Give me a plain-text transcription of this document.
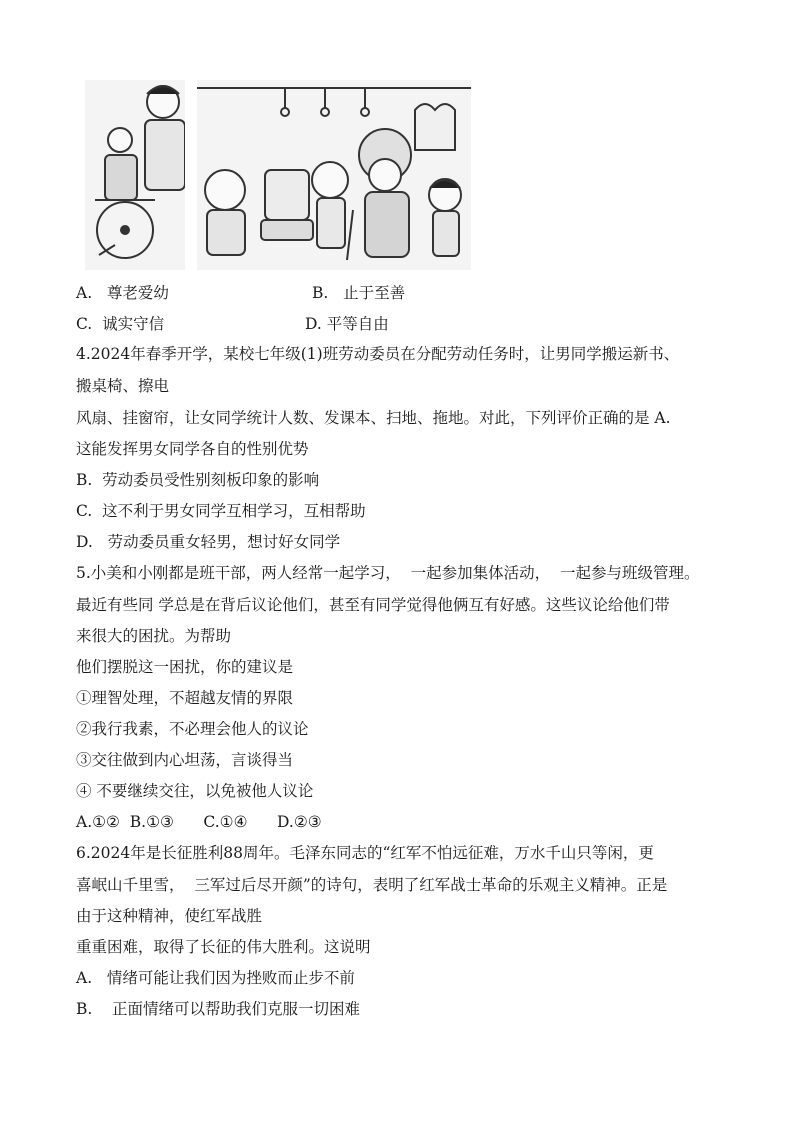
A.   尊老爱幼	B.   止于至善
C.  诚实守信	D. 平等自由
4.2024年春季开学，某校七年级(1)班劳动委员在分配劳动任务时，让男同学搬运新书、
搬桌椅、擦电
风扇、挂窗帘，让女同学统计人数、发课本、扫地、拖地。对此，下列评价正确的是 A.
这能发挥男女同学各自的性别优势
B.  劳动委员受性别刻板印象的影响
C.  这不利于男女同学互相学习，互相帮助
D.   劳动委员重女轻男，想讨好女同学
5.小美和小刚都是班干部，两人经常一起学习，  一起参加集体活动，  一起参与班级管理。
最近有些同 学总是在背后议论他们，甚至有同学觉得他俩互有好感。这些议论给他们带
来很大的困扰。为帮助
他们摆脱这一困扰，你的建议是
①理智处理，不超越友情的界限
②我行我素，不必理会他人的议论
③交往做到内心坦荡，言谈得当
④ 不要继续交往，以免被他人议论
A.①②  B.①③      C.①④      D.②③
6.2024年是长征胜利88周年。毛泽东同志的“红军不怕远征难，万水千山只等闲，更
喜岷山千里雪，  三军过后尽开颜”的诗句，表明了红军战士革命的乐观主义精神。正是
由于这种精神，使红军战胜
重重困难，取得了长征的伟大胜利。这说明
A.   情绪可能让我们因为挫败而止步不前
B.    正面情绪可以帮助我们克服一切困难
